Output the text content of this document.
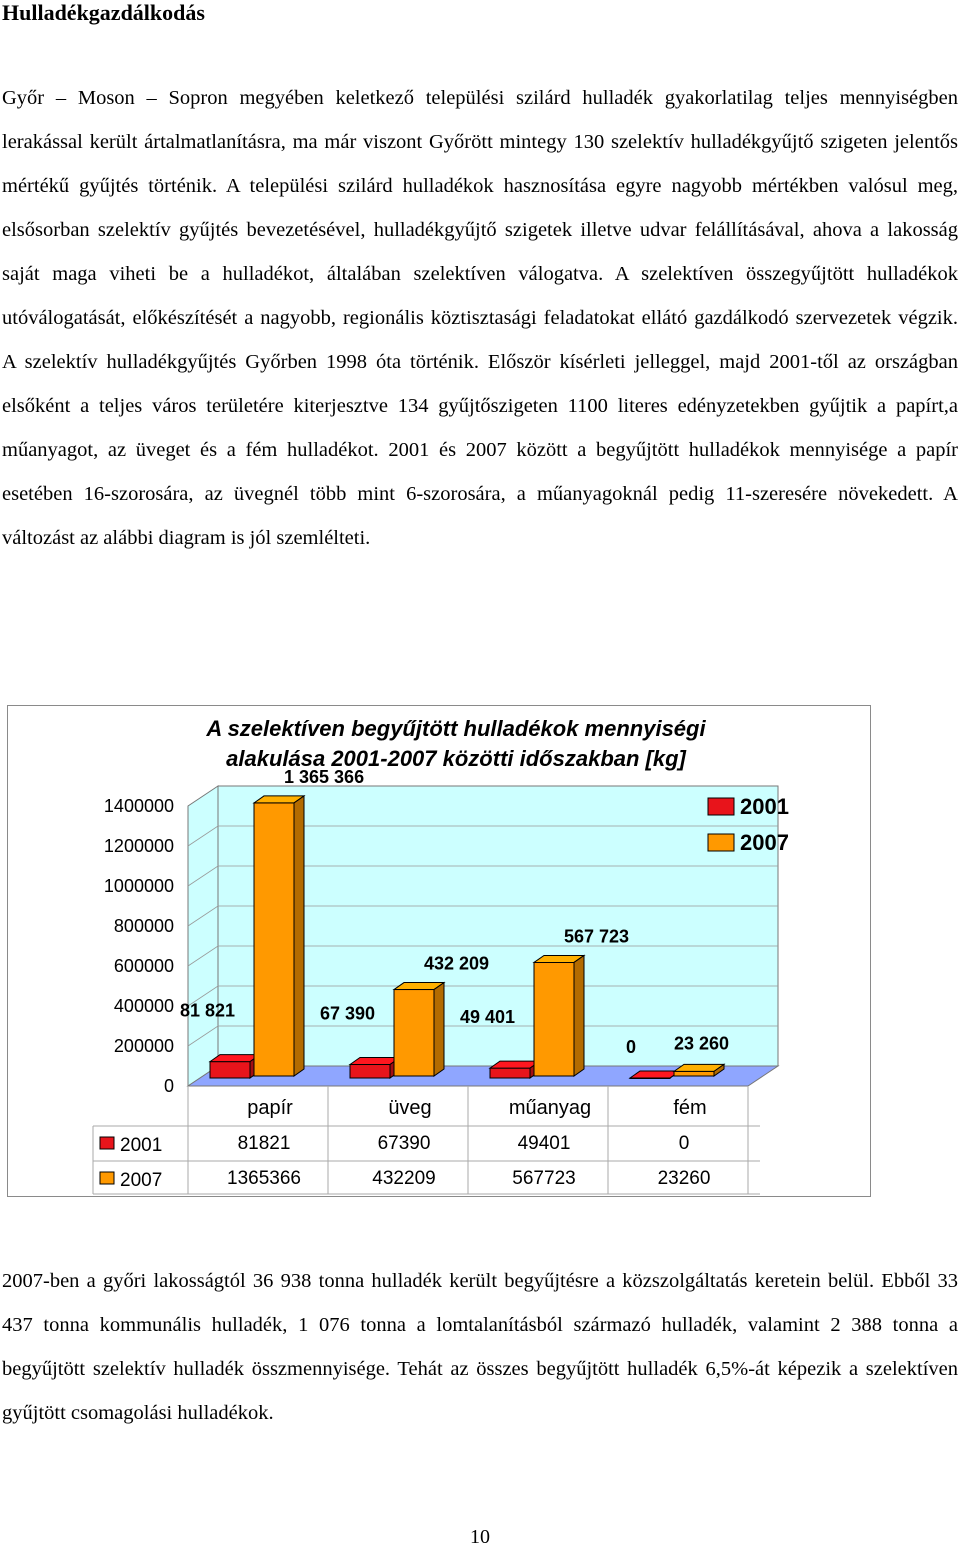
Hulladékgazdálkodás
Győr – Moson – Sopron megyében keletkező települési szilárd hulladék gyakorlatilag teljes mennyiségben lerakással került ártalmatlanításra, ma már viszont Győrött mintegy 130 szelektív hulladékgyűjtő szigeten jelentős mértékű gyűjtés történik. A települési szilárd hulladékok hasznosítása egyre nagyobb mértékben valósul meg, elsősorban szelektív gyűjtés bevezetésével, hulladékgyűjtő szigetek illetve udvar felállításával, ahova a lakosság saját maga viheti be a hulladékot, általában szelektíven válogatva. A szelektíven összegyűjtött hulladékok utóválogatását, előkészítését a nagyobb, regionális köztisztasági feladatokat ellátó gazdálkodó szervezetek végzik. A szelektív hulladékgyűjtés Győrben 1998 óta történik. Először kísérleti jelleggel, majd 2001-től az országban elsőként a teljes város területére kiterjesztve 134 gyűjtőszigeten 1100 literes edényzetekben gyűjtik a papírt,a műanyagot, az üveget és a fém hulladékot. 2001 és 2007 között a begyűjtött hulladékok mennyisége a papír esetében 16-szorosára, az üvegnél több mint 6-szorosára, a műanyagoknál pedig 11-szeresére növekedett. A változást az alábbi diagram is jól szemlélteti.
1400000
1200000
1000000
800000
600000
400000
200000
0
81 821
1 365 366
67 390
432 209
49 401
567 723
0 23 260
papír	üveg	műanyag	fém
2001
2007
2001	81821	67390	49401	0
2007	1365366	432209	567723	23260
A szelektíven begyűjtött hulladékok mennyiségi
alakulása 2001-2007 közötti időszakban [kg]
2007-ben a győri lakosságtól 36 938 tonna hulladék került begyűjtésre a közszolgáltatás keretein belül. Ebből 33 437 tonna kommunális hulladék, 1 076 tonna a lomtalanításból származó hulladék, valamint 2 388 tonna a begyűjtött szelektív hulladék összmennyisége. Tehát az összes begyűjtött hulladék 6,5%-át képezik a szelektíven gyűjtött csomagolási hulladékok.
10
